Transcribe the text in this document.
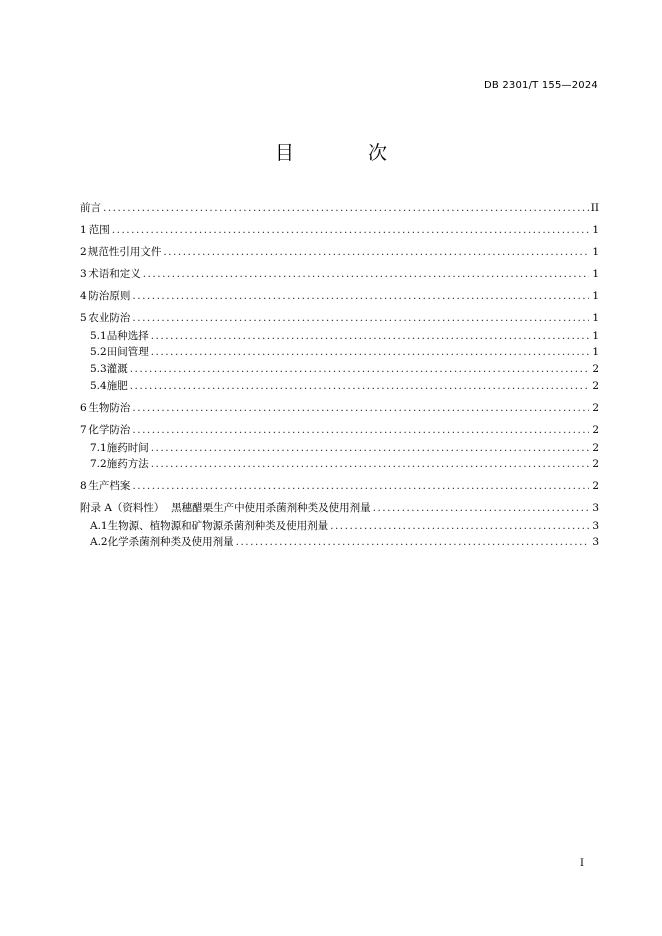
DB 2301/T 155—2024
目 次
前言 .....	II
1 范围 .....	1
2 规范性引用文件 .....	1
3 术语和定义 .....	1
4 防治原则 .....	1
5 农业防治 .....	1
5.1 品种选择 .....	1
5.2 田间管理 .....	1
5.3 灌溉 .....	2
5.4 施肥 .....	2
6 生物防治 .....	2
7 化学防治 .....	2
7.1 施药时间 .....	2
7.2 施药方法 .....	2
8 生产档案 .....	2
附录 A（资料性）  黑穗醋栗生产中使用杀菌剂种类及使用剂量 .....	3
A.1 生物源、植物源和矿物源杀菌剂种类及使用剂量 .....	3
A.2 化学杀菌剂种类及使用剂量 .....	3
I
